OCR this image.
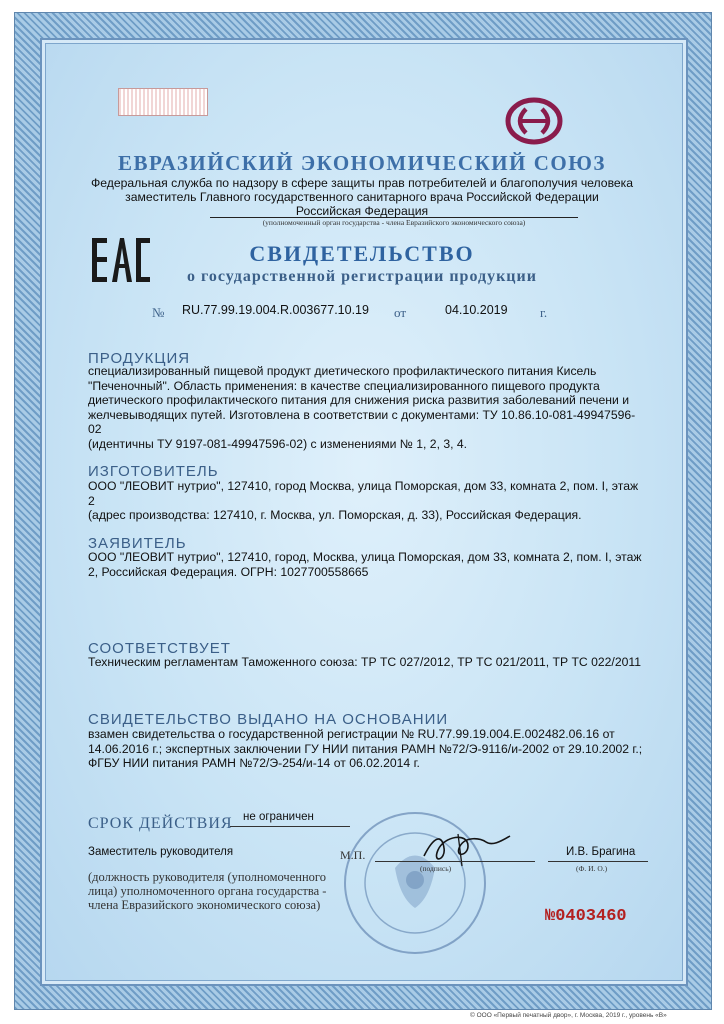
ЕВРАЗИЙСКИЙ ЭКОНОМИЧЕСКИЙ СОЮЗ
Федеральная служба по надзору в сфере защиты прав потребителей и благополучия человека
заместитель Главного государственного санитарного врача Российской Федерации
Российская Федерация
(уполномоченный орган государства - члена Евразийского экономического союза)
СВИДЕТЕЛЬСТВО
о государственной регистрации продукции
№ RU.77.99.19.004.R.003677.10.19 от	04.10.2019 г.
ПРОДУКЦИЯ
специализированный пищевой продукт диетического профилактического питания Кисель
"Печеночный". Область применения: в качестве специализированного пищевого продукта
диетического профилактического питания для снижения риска развития заболеваний печени и
желчевыводящих путей. Изготовлена в соответствии с документами: ТУ 10.86.10-081-49947596-02
(идентичны ТУ 9197-081-49947596-02) с изменениями № 1, 2, 3, 4.
ИЗГОТОВИТЕЛЬ
ООО "ЛЕОВИТ нутрио", 127410, город Москва, улица Поморская, дом 33, комната 2, пом. I, этаж 2
(адрес производства: 127410, г. Москва, ул. Поморская, д. 33), Российская Федерация.
ЗАЯВИТЕЛЬ
ООО "ЛЕОВИТ нутрио", 127410, город, Москва, улица Поморская, дом 33, комната 2, пом. I, этаж
2, Российская Федерация. ОГРН: 1027700558665
СООТВЕТСТВУЕТ
Техническим регламентам Таможенного союза: ТР ТС 027/2012, ТР ТС 021/2011, ТР ТС 022/2011
СВИДЕТЕЛЬСТВО ВЫДАНО НА ОСНОВАНИИ
взамен свидетельства о государственной регистрации № RU.77.99.19.004.E.002482.06.16 от
14.06.2016 г.; экспертных заключении ГУ НИИ питания РАМН №72/Э-9116/и-2002 от 29.10.2002 г.;
ФГБУ НИИ питания РАМН №72/Э-254/и-14 от 06.02.2014 г.
СРОК ДЕЙСТВИЯ не ограничен
Заместитель руководителя	М.П.
(подпись)
И.В. Брагина
(Ф. И. О.)
(должность руководителя (уполномоченного
лица) уполномоченного органа государства -
члена Евразийского экономического союза)
№0403460
© ООО «Первый печатный двор», г. Москва, 2019 г., уровень «В»
